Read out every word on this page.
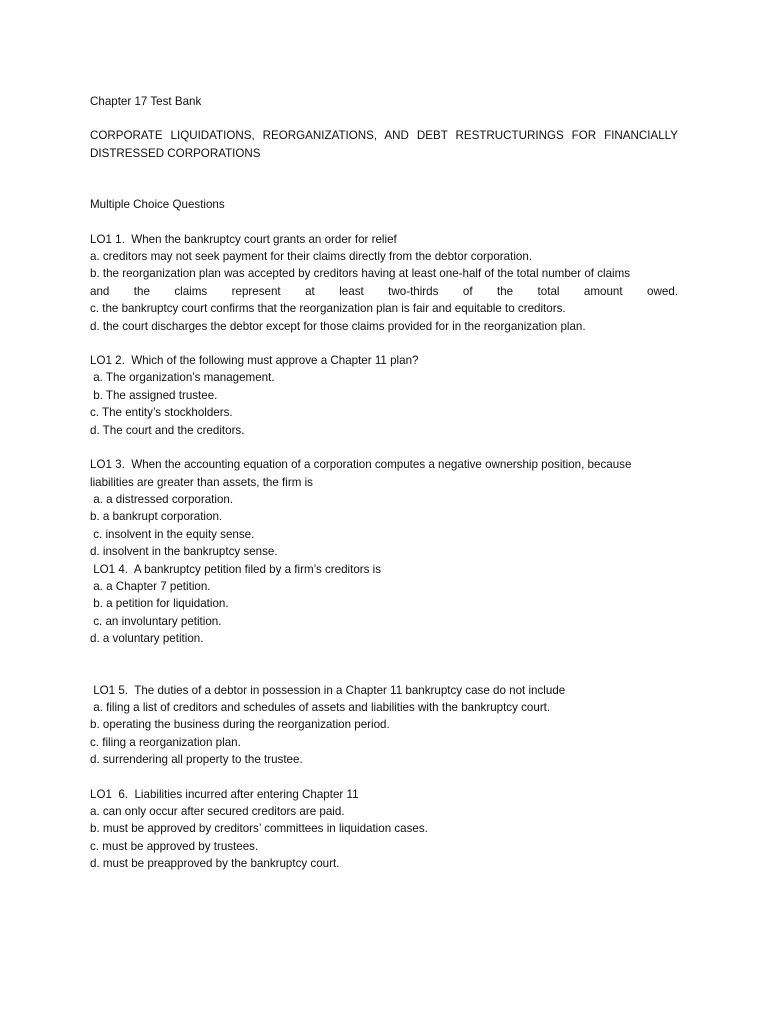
Chapter 17 Test Bank
CORPORATE LIQUIDATIONS, REORGANIZATIONS, AND DEBT RESTRUCTURINGS FOR FINANCIALLY
DISTRESSED CORPORATIONS
Multiple Choice Questions
LO1 1.  When the bankruptcy court grants an order for relief
a. creditors may not seek payment for their claims directly from the debtor corporation.
b. the reorganization plan was accepted by creditors having at least one-half of the total number of claims
and the claims represent at least two-thirds of the total amount owed.
c. the bankruptcy court confirms that the reorganization plan is fair and equitable to creditors.
d. the court discharges the debtor except for those claims provided for in the reorganization plan.
LO1 2.  Which of the following must approve a Chapter 11 plan?
a. The organization’s management.
b. The assigned trustee.
c. The entity’s stockholders.
d. The court and the creditors.
LO1 3.  When the accounting equation of a corporation computes a negative ownership position, because
liabilities are greater than assets, the firm is
a. a distressed corporation.
b. a bankrupt corporation.
c. insolvent in the equity sense.
d. insolvent in the bankruptcy sense.
LO1 4.  A bankruptcy petition filed by a firm’s creditors is
a. a Chapter 7 petition.
b. a petition for liquidation.
c. an involuntary petition.
d. a voluntary petition.
LO1 5.  The duties of a debtor in possession in a Chapter 11 bankruptcy case do not include
a. filing a list of creditors and schedules of assets and liabilities with the bankruptcy court.
b. operating the business during the reorganization period.
c. filing a reorganization plan.
d. surrendering all property to the trustee.
LO1  6.  Liabilities incurred after entering Chapter 11
a. can only occur after secured creditors are paid.
b. must be approved by creditors’ committees in liquidation cases.
c. must be approved by trustees.
d. must be preapproved by the bankruptcy court.
